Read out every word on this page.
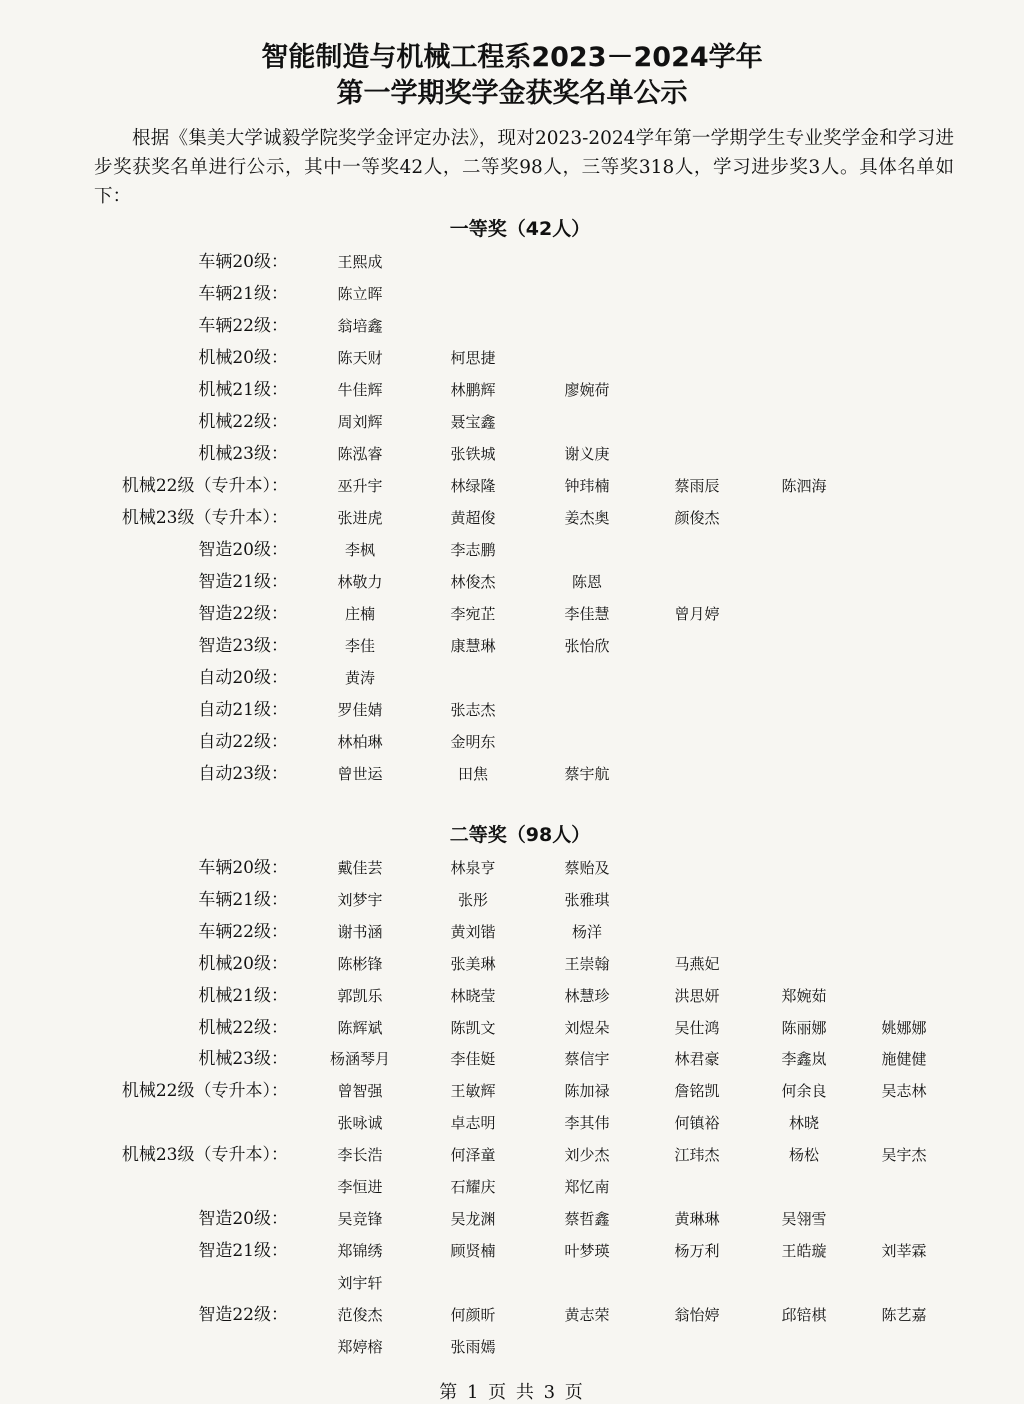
智能制造与机械工程系2023－2024学年
第一学期奖学金获奖名单公示

根据《集美大学诚毅学院奖学金评定办法》，现对2023-2024学年第一学期学生专业奖学金和学习进步奖获奖名单进行公示，其中一等奖42人，二等奖98人，三等奖318人，学习进步奖3人。具体名单如下：

一等奖（42人）
车辆20级：	王熙成
车辆21级：	陈立晖
车辆22级：	翁培鑫
机械20级：	陈天财	柯思捷
机械21级：	牛佳辉	林鹏辉	廖婉荷
机械22级：	周刘辉	聂宝鑫
机械23级：	陈泓睿	张铁城	谢义庚
机械22级（专升本）：	巫升宇	林绿隆	钟玮楠	蔡雨辰	陈泗海
机械23级（专升本）：	张进虎	黄超俊	姜杰奥	颜俊杰
智造20级：	李枫	李志鹏
智造21级：	林敬力	林俊杰	陈恩
智造22级：	庄楠	李宛芷	李佳慧	曾月婷
智造23级：	李佳	康慧琳	张怡欣
自动20级：	黄涛
自动21级：	罗佳婧	张志杰
自动22级：	林柏琳	金明东
自动23级：	曾世运	田焦	蔡宇航
二等奖（98人）
车辆20级：	戴佳芸	林泉亨	蔡贻及
车辆21级：	刘梦宇	张彤	张雅琪
车辆22级：	谢书涵	黄刘锴	杨洋
机械20级：	陈彬锋	张美琳	王崇翰	马燕妃
机械21级：	郭凯乐	林晓莹	林慧珍	洪思妍	郑婉茹
机械22级：	陈辉斌	陈凯文	刘煜朵	吴仕鸿	陈丽娜	姚娜娜
机械23级：	杨涵琴月	李佳娗	蔡信宇	林君豪	李鑫岚	施健健
机械22级（专升本）：	曾智强	王敏辉	陈加禄	詹铭凯	何余良	吴志林
张咏诚	卓志明	李其伟	何镇裕	林晓
机械23级（专升本）：	李长浩	何泽童	刘少杰	江玮杰	杨松	吴宇杰
李恒进	石耀庆	郑忆南
智造20级：	吴竞锋	吴龙渊	蔡哲鑫	黄琳琳	吴翎雪
智造21级：	郑锦绣	顾贤楠	叶梦瑛	杨万利	王皓璇	刘莘霖
刘宇轩
智造22级：	范俊杰	何颜昕	黄志荣	翁怡婷	邱锫棋	陈艺嘉
郑婷榕	张雨嫣
第 1 页 共 3 页
